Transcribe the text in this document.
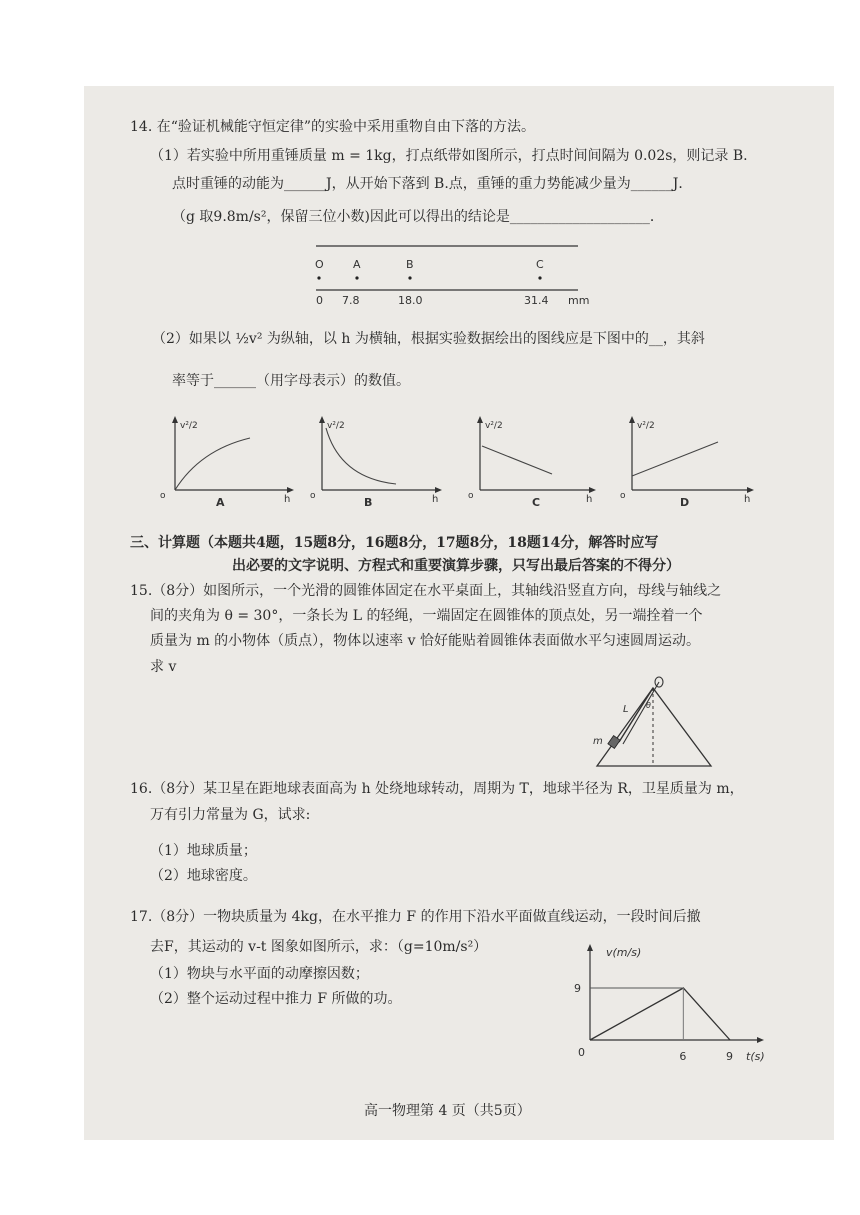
14. 在“验证机械能守恒定律”的实验中采用重物自由下落的方法。
（1）若实验中所用重锤质量 m = 1kg，打点纸带如图所示，打点时间间隔为 0.02s，则记录 B.
点时重锤的动能为______J，从开始下落到 B.点，重锤的重力势能减少量为______J．
（g 取9.8m/s²，保留三位小数)因此可以得出的结论是____________________．
O	A	B	C
0 7.8	18.0	31.4 mm
（2）如果以 ½v² 为纵轴，以 h 为横轴，根据实验数据绘出的图线应是下图中的__，其斜
率等于______（用字母表示）的数值。
v²/2
o	h
A
v²/2
o	h
B
v²/2
o	h
C
v²/2
o	h
D
三、计算题（本题共4题，15题8分，16题8分，17题8分，18题14分，解答时应写
出必要的文字说明、方程式和重要演算步骤，只写出最后答案的不得分）
15.（8分）如图所示，一个光滑的圆锥体固定在水平桌面上，其轴线沿竖直方向，母线与轴线之
间的夹角为 θ = 30°，一条长为 L 的轻绳，一端固定在圆锥体的顶点处，另一端拴着一个
质量为 m 的小物体（质点），物体以速率 v 恰好能贴着圆锥体表面做水平匀速圆周运动。
求 v
L
m
θ
16.（8分）某卫星在距地球表面高为 h 处绕地球转动，周期为 T，地球半径为 R，卫星质量为 m，
万有引力常量为 G，试求:
（1）地球质量；
（2）地球密度。
17.（8分）一物块质量为 4kg，在水平推力 F 的作用下沿水平面做直线运动，一段时间后撤
去F，其运动的 v-t 图象如图所示，求：（g=10m/s²）
（1）物块与水平面的动摩擦因数；
（2）整个运动过程中推力 F 所做的功。
v(m/s)
t(s)
0
9
6	9
高一物理第 4 页（共5页）
